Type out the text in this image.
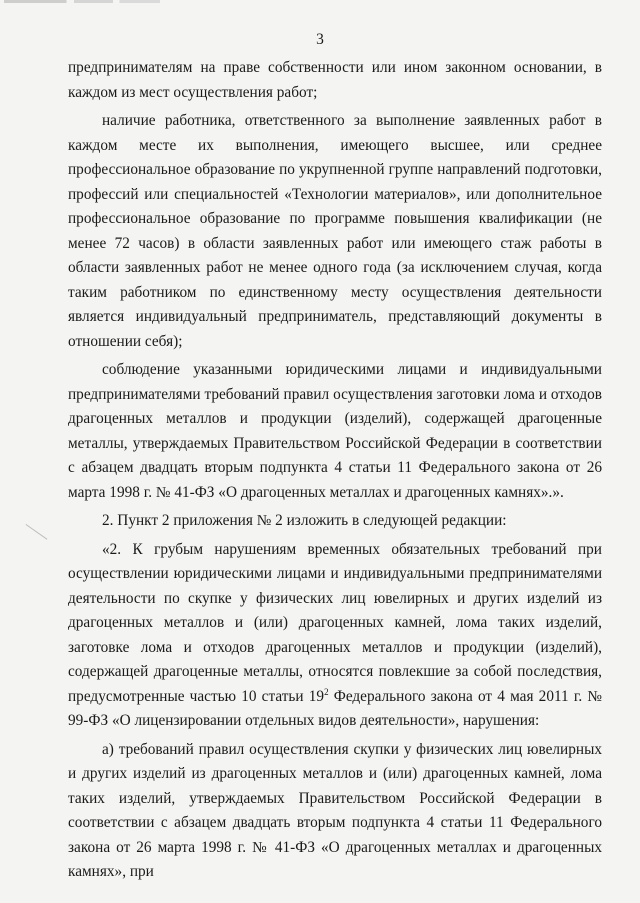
3

предпринимателям на праве собственности или ином законном основании, в каждом из мест осуществления работ;

наличие работника, ответственного за выполнение заявленных работ в каждом месте их выполнения, имеющего высшее, или среднее профессиональное образование по укрупненной группе направлений подготовки, профессий или специальностей «Технологии материалов», или дополнительное профессиональное образование по программе повышения квалификации (не менее 72 часов) в области заявленных работ или имеющего стаж работы в области заявленных работ не менее одного года (за исключением случая, когда таким работником по единственному месту осуществления деятельности является индивидуальный предприниматель, представляющий документы в отношении себя);

соблюдение указанными юридическими лицами и индивидуальными предпринимателями требований правил осуществления заготовки лома и отходов драгоценных металлов и продукции (изделий), содержащей драгоценные металлы, утверждаемых Правительством Российской Федерации в соответствии с абзацем двадцать вторым подпункта 4 статьи 11 Федерального закона от 26 марта 1998 г. № 41-ФЗ «О драгоценных металлах и драгоценных камнях».».

2. Пункт 2 приложения № 2 изложить в следующей редакции:

«2. К грубым нарушениям временных обязательных требований при осуществлении юридическими лицами и индивидуальными предпринимателями деятельности по скупке у физических лиц ювелирных и других изделий из драгоценных металлов и (или) драгоценных камней, лома таких изделий, заготовке лома и отходов драгоценных металлов и продукции (изделий), содержащей драгоценные металлы, относятся повлекшие за собой последствия, предусмотренные частью 10 статьи $19^2$ Федерального закона от 4 мая 2011 г. № 99-ФЗ «О лицензировании отдельных видов деятельности», нарушения:

а) требований правил осуществления скупки у физических лиц ювелирных и других изделий из драгоценных металлов и (или) драгоценных камней, лома таких изделий, утверждаемых Правительством Российской Федерации в соответствии с абзацем двадцать вторым подпункта 4 статьи 11 Федерального закона от 26 марта 1998 г. № 41-ФЗ «О драгоценных металлах и драгоценных камнях», при
